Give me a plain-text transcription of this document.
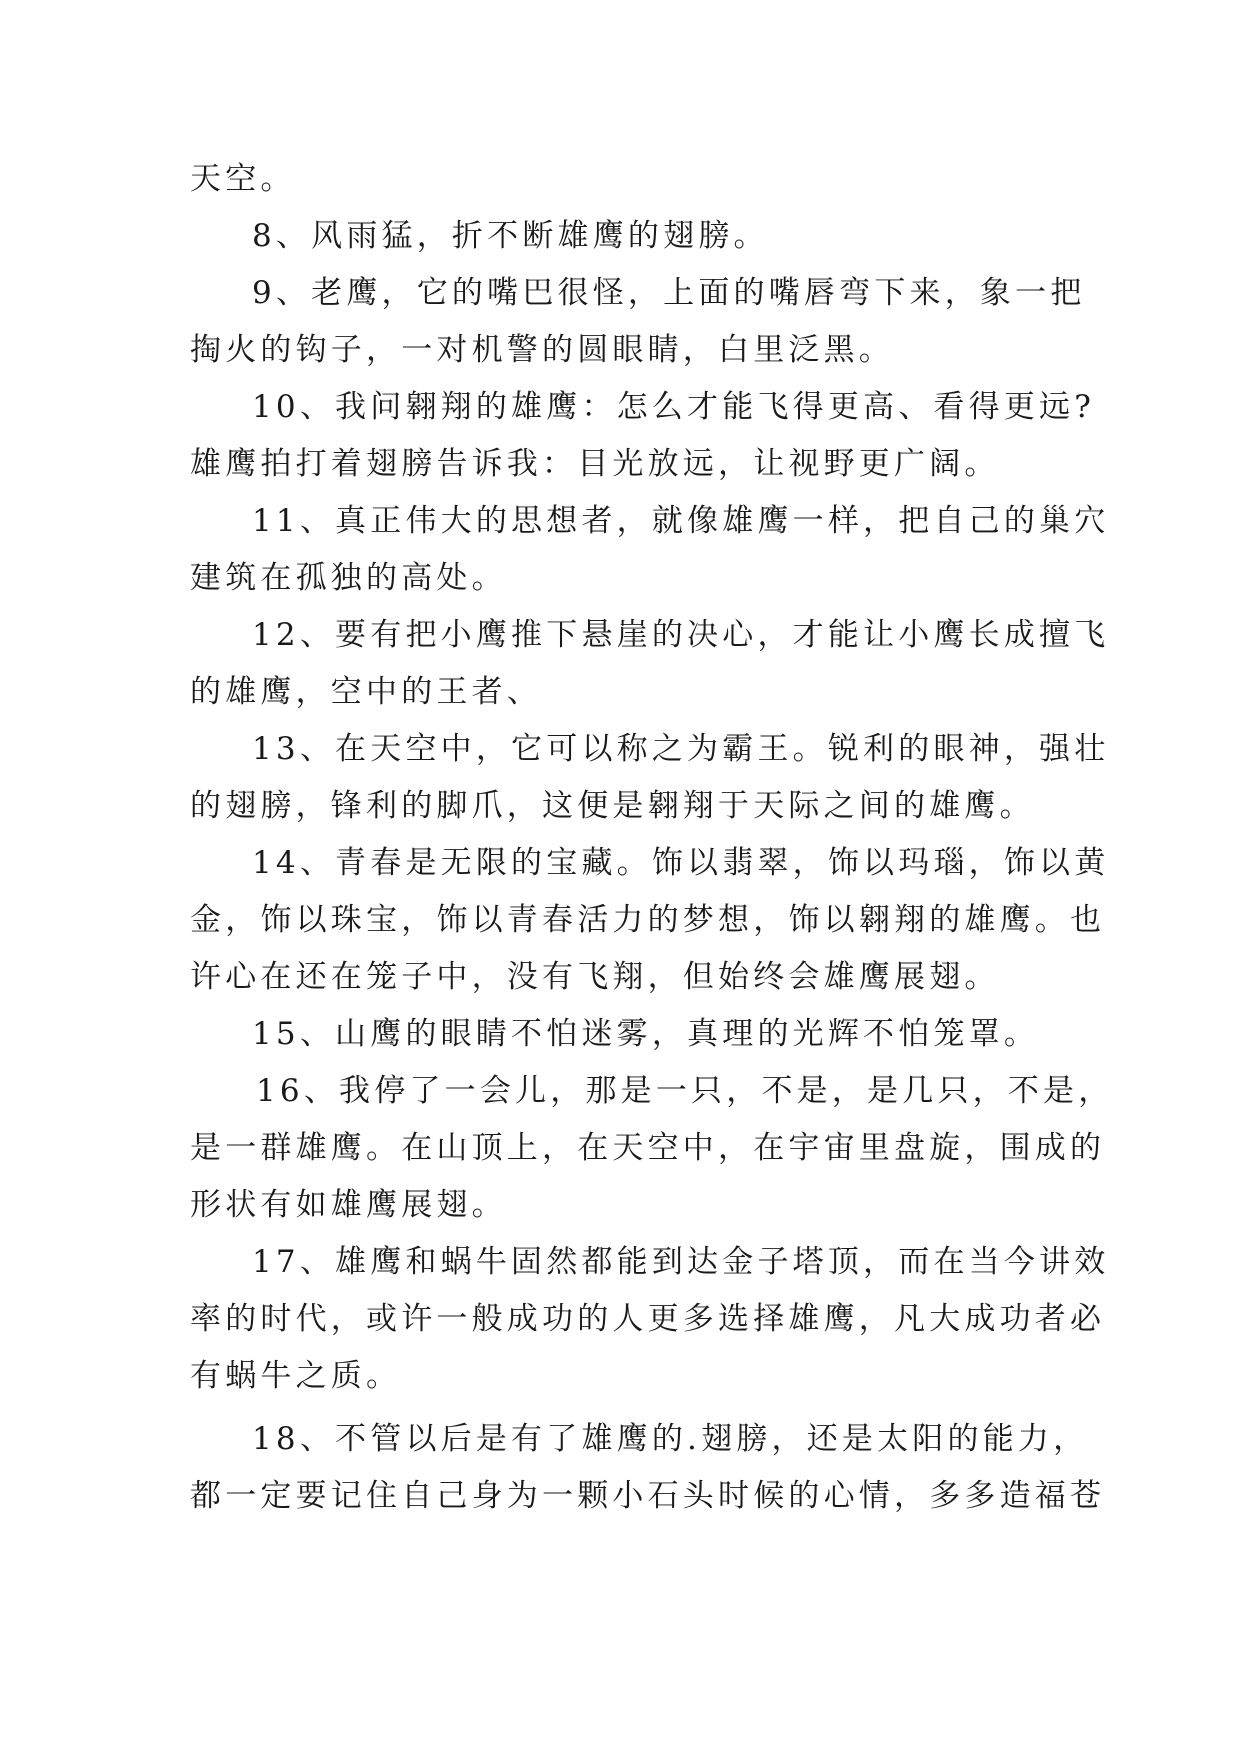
天空。
8、风雨猛，折不断雄鹰的翅膀。
9、老鹰，它的嘴巴很怪，上面的嘴唇弯下来，象一把
掏火的钩子，一对机警的圆眼睛，白里泛黑。
10、我问翱翔的雄鹰：怎么才能飞得更高、看得更远?
雄鹰拍打着翅膀告诉我：目光放远，让视野更广阔。
11、真正伟大的思想者，就像雄鹰一样，把自己的巢穴
建筑在孤独的高处。
12、要有把小鹰推下悬崖的决心，才能让小鹰长成擅飞
的雄鹰，空中的王者、
13、在天空中，它可以称之为霸王。锐利的眼神，强壮
的翅膀，锋利的脚爪，这便是翱翔于天际之间的雄鹰。
14、青春是无限的宝藏。饰以翡翠，饰以玛瑙，饰以黄
金，饰以珠宝，饰以青春活力的梦想，饰以翱翔的雄鹰。也
许心在还在笼子中，没有飞翔，但始终会雄鹰展翅。
15、山鹰的眼睛不怕迷雾，真理的光辉不怕笼罩。
16、我停了一会儿，那是一只，不是，是几只，不是，
是一群雄鹰。在山顶上，在天空中，在宇宙里盘旋，围成的
形状有如雄鹰展翅。
17、雄鹰和蜗牛固然都能到达金子塔顶，而在当今讲效
率的时代，或许一般成功的人更多选择雄鹰，凡大成功者必
有蜗牛之质。
18、不管以后是有了雄鹰的.翅膀，还是太阳的能力，
都一定要记住自己身为一颗小石头时候的心情，多多造福苍
